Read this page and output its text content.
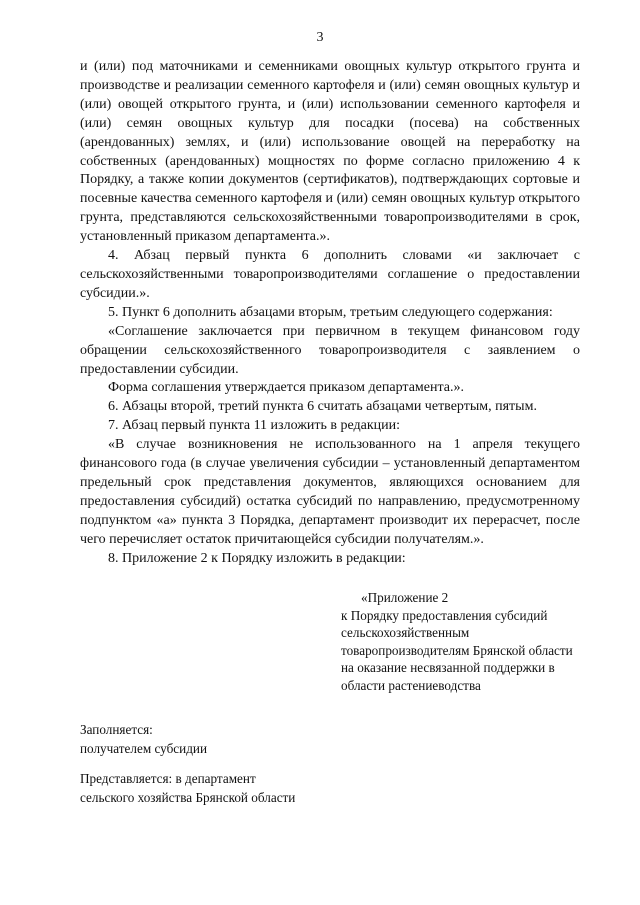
3

и (или) под маточниками и семенниками овощных культур открытого грунта и производстве и реализации семенного картофеля и (или) семян овощных культур и (или) овощей открытого грунта, и (или) использовании семенного картофеля и (или) семян овощных культур для посадки (посева) на собственных (арендованных) землях, и (или) использование овощей на переработку на собственных (арендованных) мощностях по форме согласно приложению 4 к Порядку, а также копии документов (сертификатов), подтверждающих сортовые и посевные качества семенного картофеля и (или) семян овощных культур открытого грунта, представляются сельскохозяйственными товаропроизводителями в срок, установленный приказом департамента.».

4. Абзац первый пункта 6 дополнить словами «и заключает с сельскохозяйственными товаропроизводителями соглашение о предоставлении субсидии.».

5. Пункт 6 дополнить абзацами вторым, третьим следующего содержания:

«Соглашение заключается при первичном в текущем финансовом году обращении сельскохозяйственного товаропроизводителя с заявлением о предоставлении субсидии.

Форма соглашения утверждается приказом департамента.».

6. Абзацы второй, третий пункта 6 считать абзацами четвертым, пятым.

7. Абзац первый пункта 11 изложить в редакции:

«В случае возникновения не использованного на 1 апреля текущего финансового года (в случае увеличения субсидии – установленный департаментом предельный срок представления документов, являющихся основанием для предоставления субсидий) остатка субсидий по направлению, предусмотренному подпунктом «а» пункта 3 Порядка, департамент производит их перерасчет, после чего перечисляет остаток причитающейся субсидии получателям.».

8. Приложение 2 к Порядку изложить в редакции:

«Приложение 2
к Порядку предоставления субсидий сельскохозяйственным товаропроизводителям Брянской области на оказание несвязанной поддержки в области растениеводства
Заполняется:
получателем субсидии
Представляется: в департамент
сельского хозяйства Брянской области
